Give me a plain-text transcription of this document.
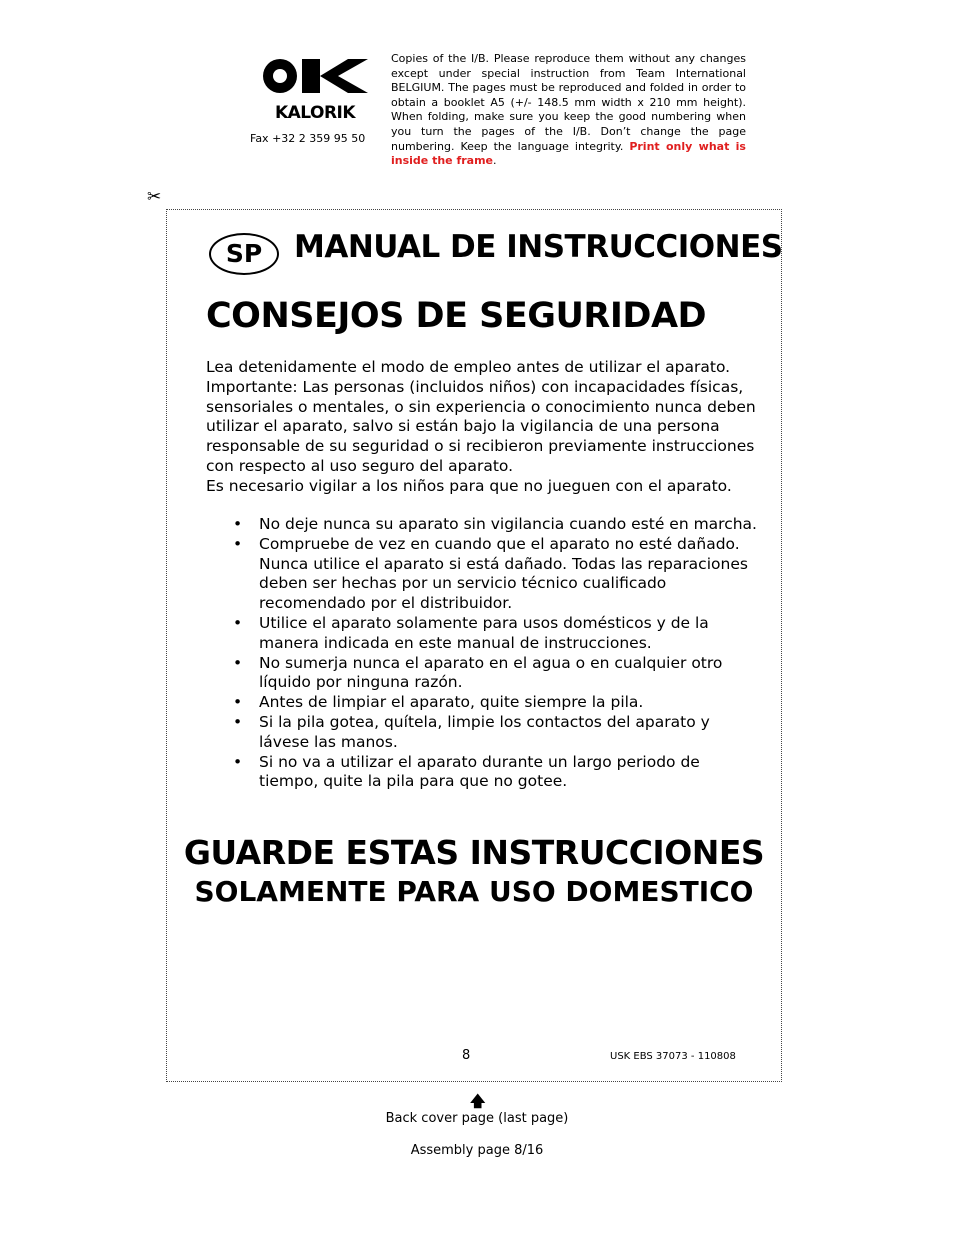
KALORIK
Fax +32 2 359 95 50
Copies of the I/B. Please reproduce them without any changes except under special instruction from Team International BELGIUM. The pages must be reproduced and folded in order to obtain a booklet A5 (+/- 148.5 mm width x 210 mm height). When folding, make sure you keep the good numbering when you turn the pages of the I/B. Don’t change the page numbering. Keep the language integrity. Print only what is inside the frame.
✂
SP	MANUAL DE INSTRUCCIONES
CONSEJOS DE SEGURIDAD

Lea detenidamente el modo de empleo antes de utilizar el aparato. Importante: Las personas (incluidos niños) con incapacidades físicas, sensoriales o mentales, o sin experiencia o conocimiento nunca deben utilizar el aparato, salvo si están bajo la vigilancia de una persona responsable de su seguridad o si recibieron previamente instrucciones con respecto al uso seguro del aparato.

Es necesario vigilar a los niños para que no jueguen con el aparato.

• No deje nunca su aparato sin vigilancia cuando esté en marcha.
• Compruebe de vez en cuando que el aparato no esté dañado. Nunca utilice el aparato si está dañado. Todas las reparaciones deben ser hechas por un servicio técnico cualificado recomendado por el distribuidor.
• Utilice el aparato solamente para usos domésticos y de la manera indicada en este manual de instrucciones.
• No sumerja nunca el aparato en el agua o en cualquier otro líquido por ninguna razón.
• Antes de limpiar el aparato, quite siempre la pila.
• Si la pila gotea, quítela, limpie los contactos del aparato y lávese las manos.
• Si no va a utilizar el aparato durante un largo periodo de tiempo, quite la pila para que no gotee.
GUARDE ESTAS INSTRUCCIONES
SOLAMENTE PARA USO DOMESTICO
8	USK EBS 37073 - 110808
🡅
Back cover page (last page)
Assembly page 8/16
